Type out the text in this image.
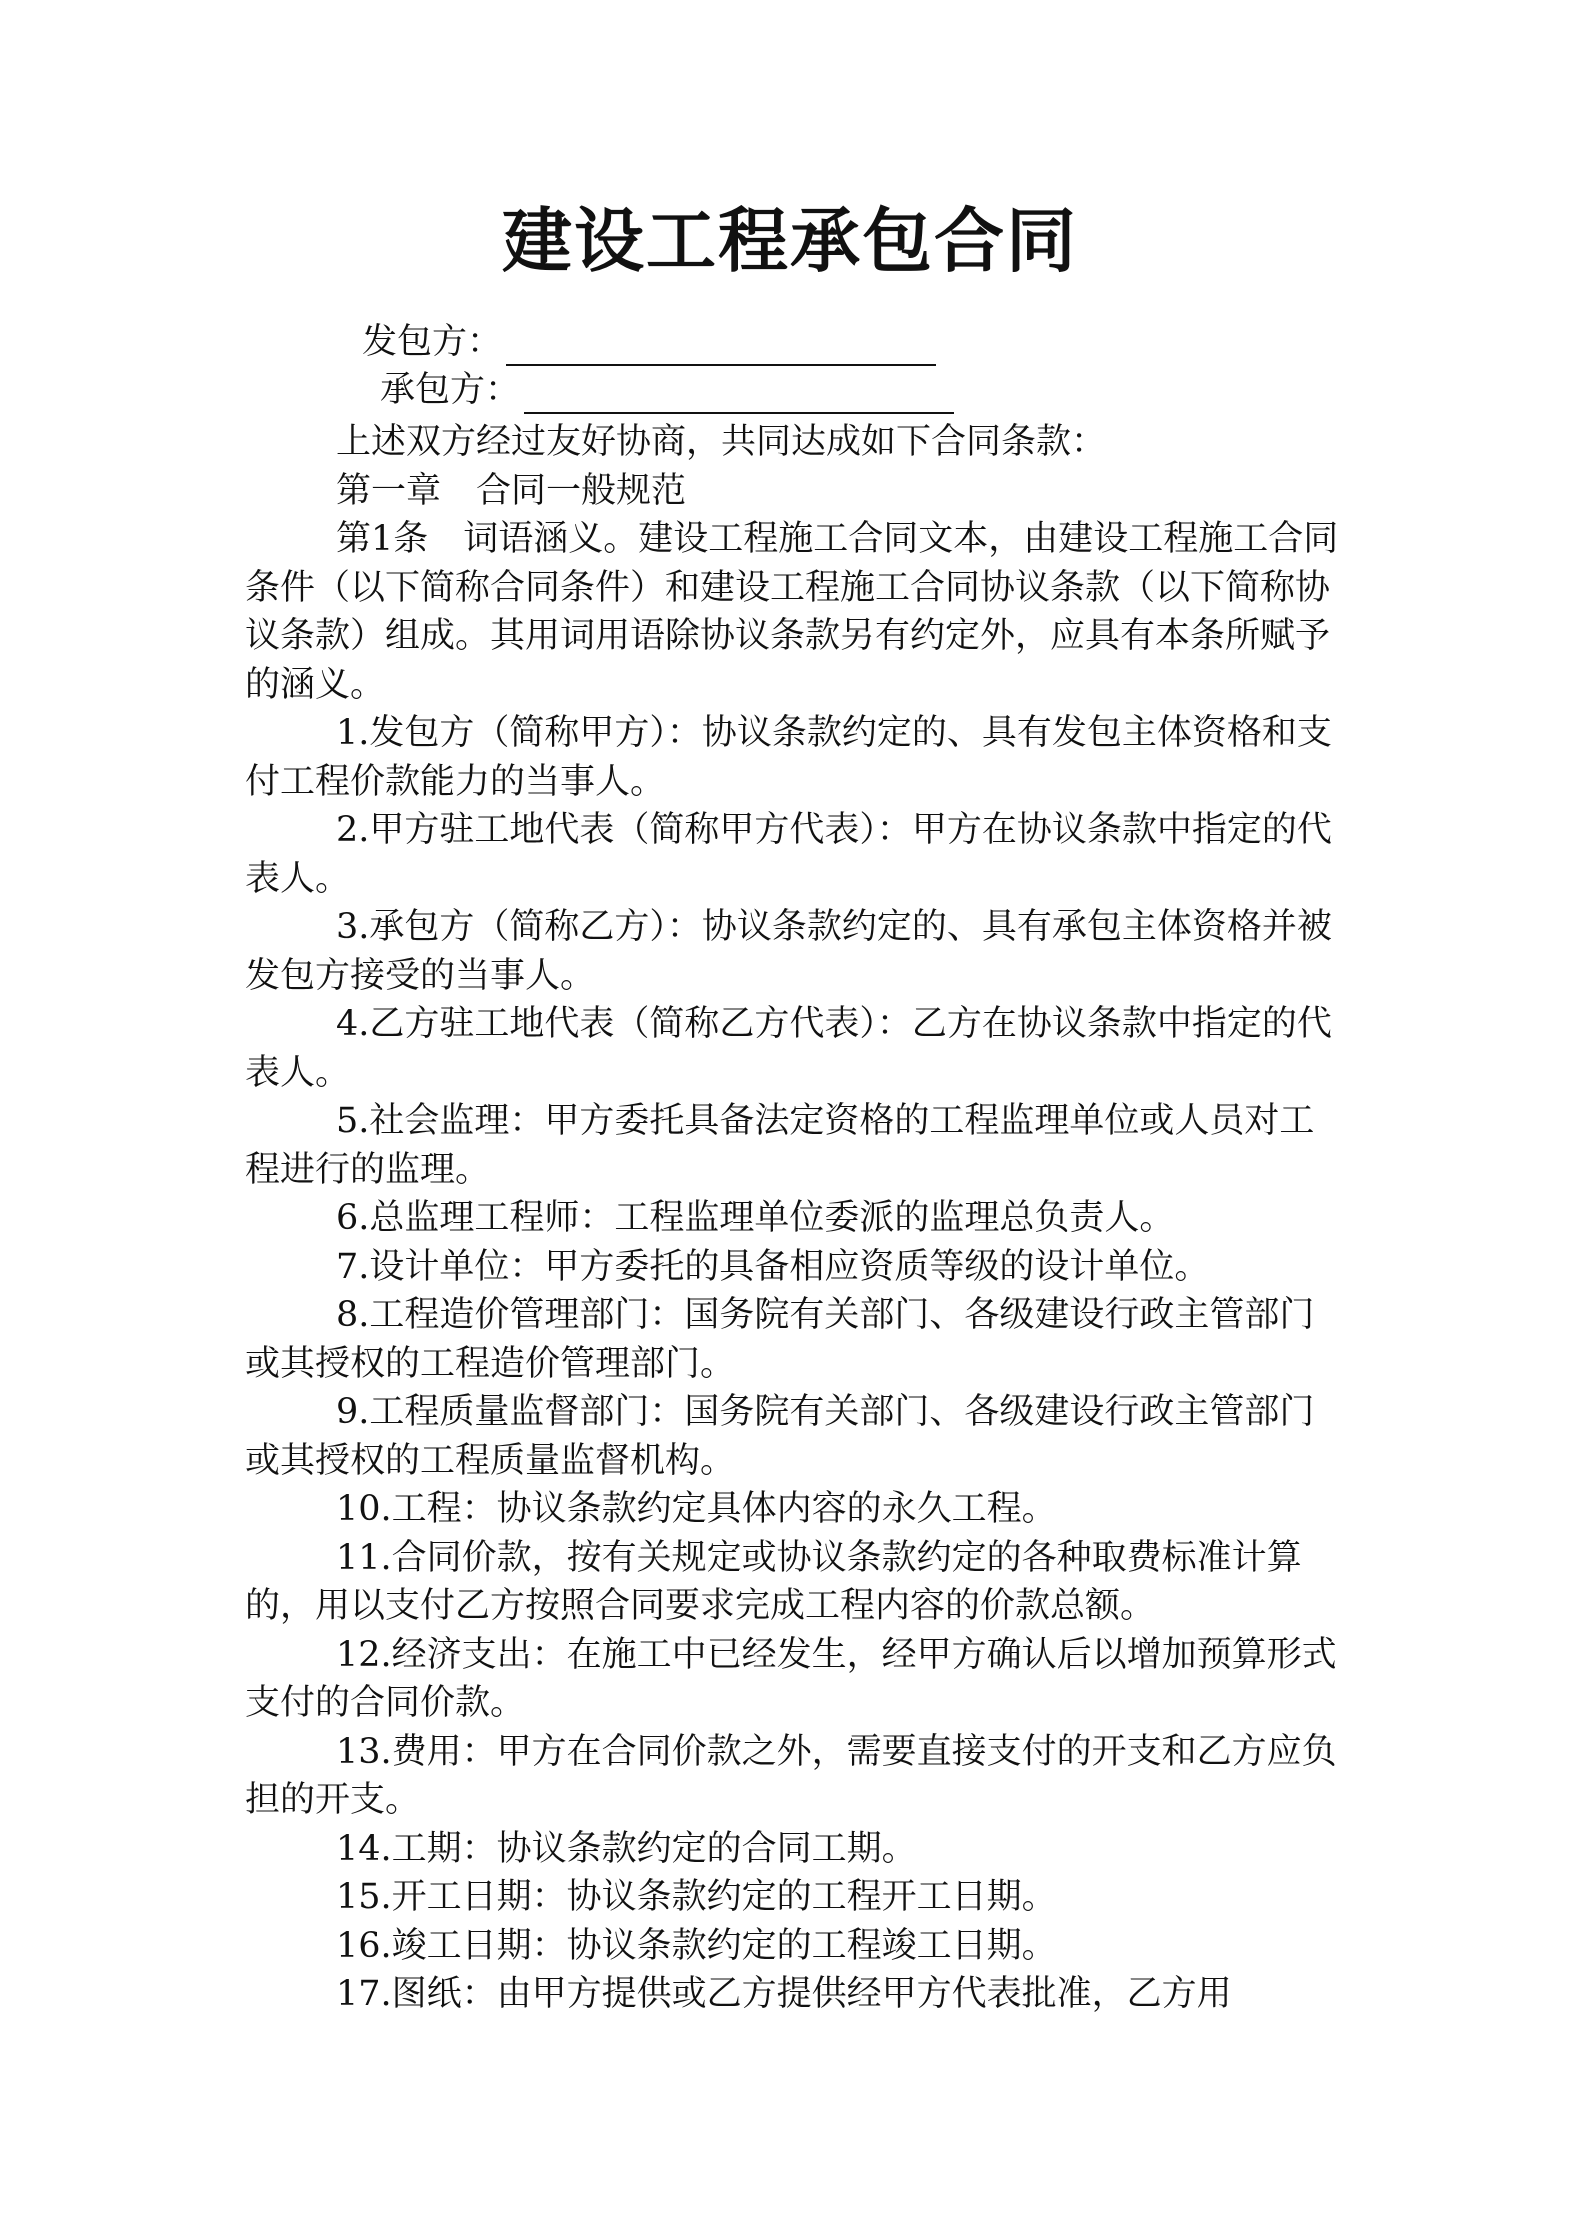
建设工程承包合同
发包方：
承包方：

上述双方经过友好协商，共同达成如下合同条款：

第一章　合同一般规范

第1条　词语涵义。建设工程施工合同文本，由建设工程施工合同条件（以下简称合同条件）和建设工程施工合同协议条款（以下简称协议条款）组成。其用词用语除协议条款另有约定外，应具有本条所赋予的涵义。

1.发包方（简称甲方）：协议条款约定的、具有发包主体资格和支付工程价款能力的当事人。

2.甲方驻工地代表（简称甲方代表）：甲方在协议条款中指定的代表人。

3.承包方（简称乙方）：协议条款约定的、具有承包主体资格并被发包方接受的当事人。

4.乙方驻工地代表（简称乙方代表）：乙方在协议条款中指定的代表人。

5.社会监理：甲方委托具备法定资格的工程监理单位或人员对工程进行的监理。

6.总监理工程师：工程监理单位委派的监理总负责人。

7.设计单位：甲方委托的具备相应资质等级的设计单位。

8.工程造价管理部门：国务院有关部门、各级建设行政主管部门或其授权的工程造价管理部门。

9.工程质量监督部门：国务院有关部门、各级建设行政主管部门或其授权的工程质量监督机构。

10.工程：协议条款约定具体内容的永久工程。

11.合同价款，按有关规定或协议条款约定的各种取费标准计算的，用以支付乙方按照合同要求完成工程内容的价款总额。

12.经济支出：在施工中已经发生，经甲方确认后以增加预算形式支付的合同价款。

13.费用：甲方在合同价款之外，需要直接支付的开支和乙方应负担的开支。

14.工期：协议条款约定的合同工期。

15.开工日期：协议条款约定的工程开工日期。

16.竣工日期：协议条款约定的工程竣工日期。

17.图纸：由甲方提供或乙方提供经甲方代表批准，乙方用
